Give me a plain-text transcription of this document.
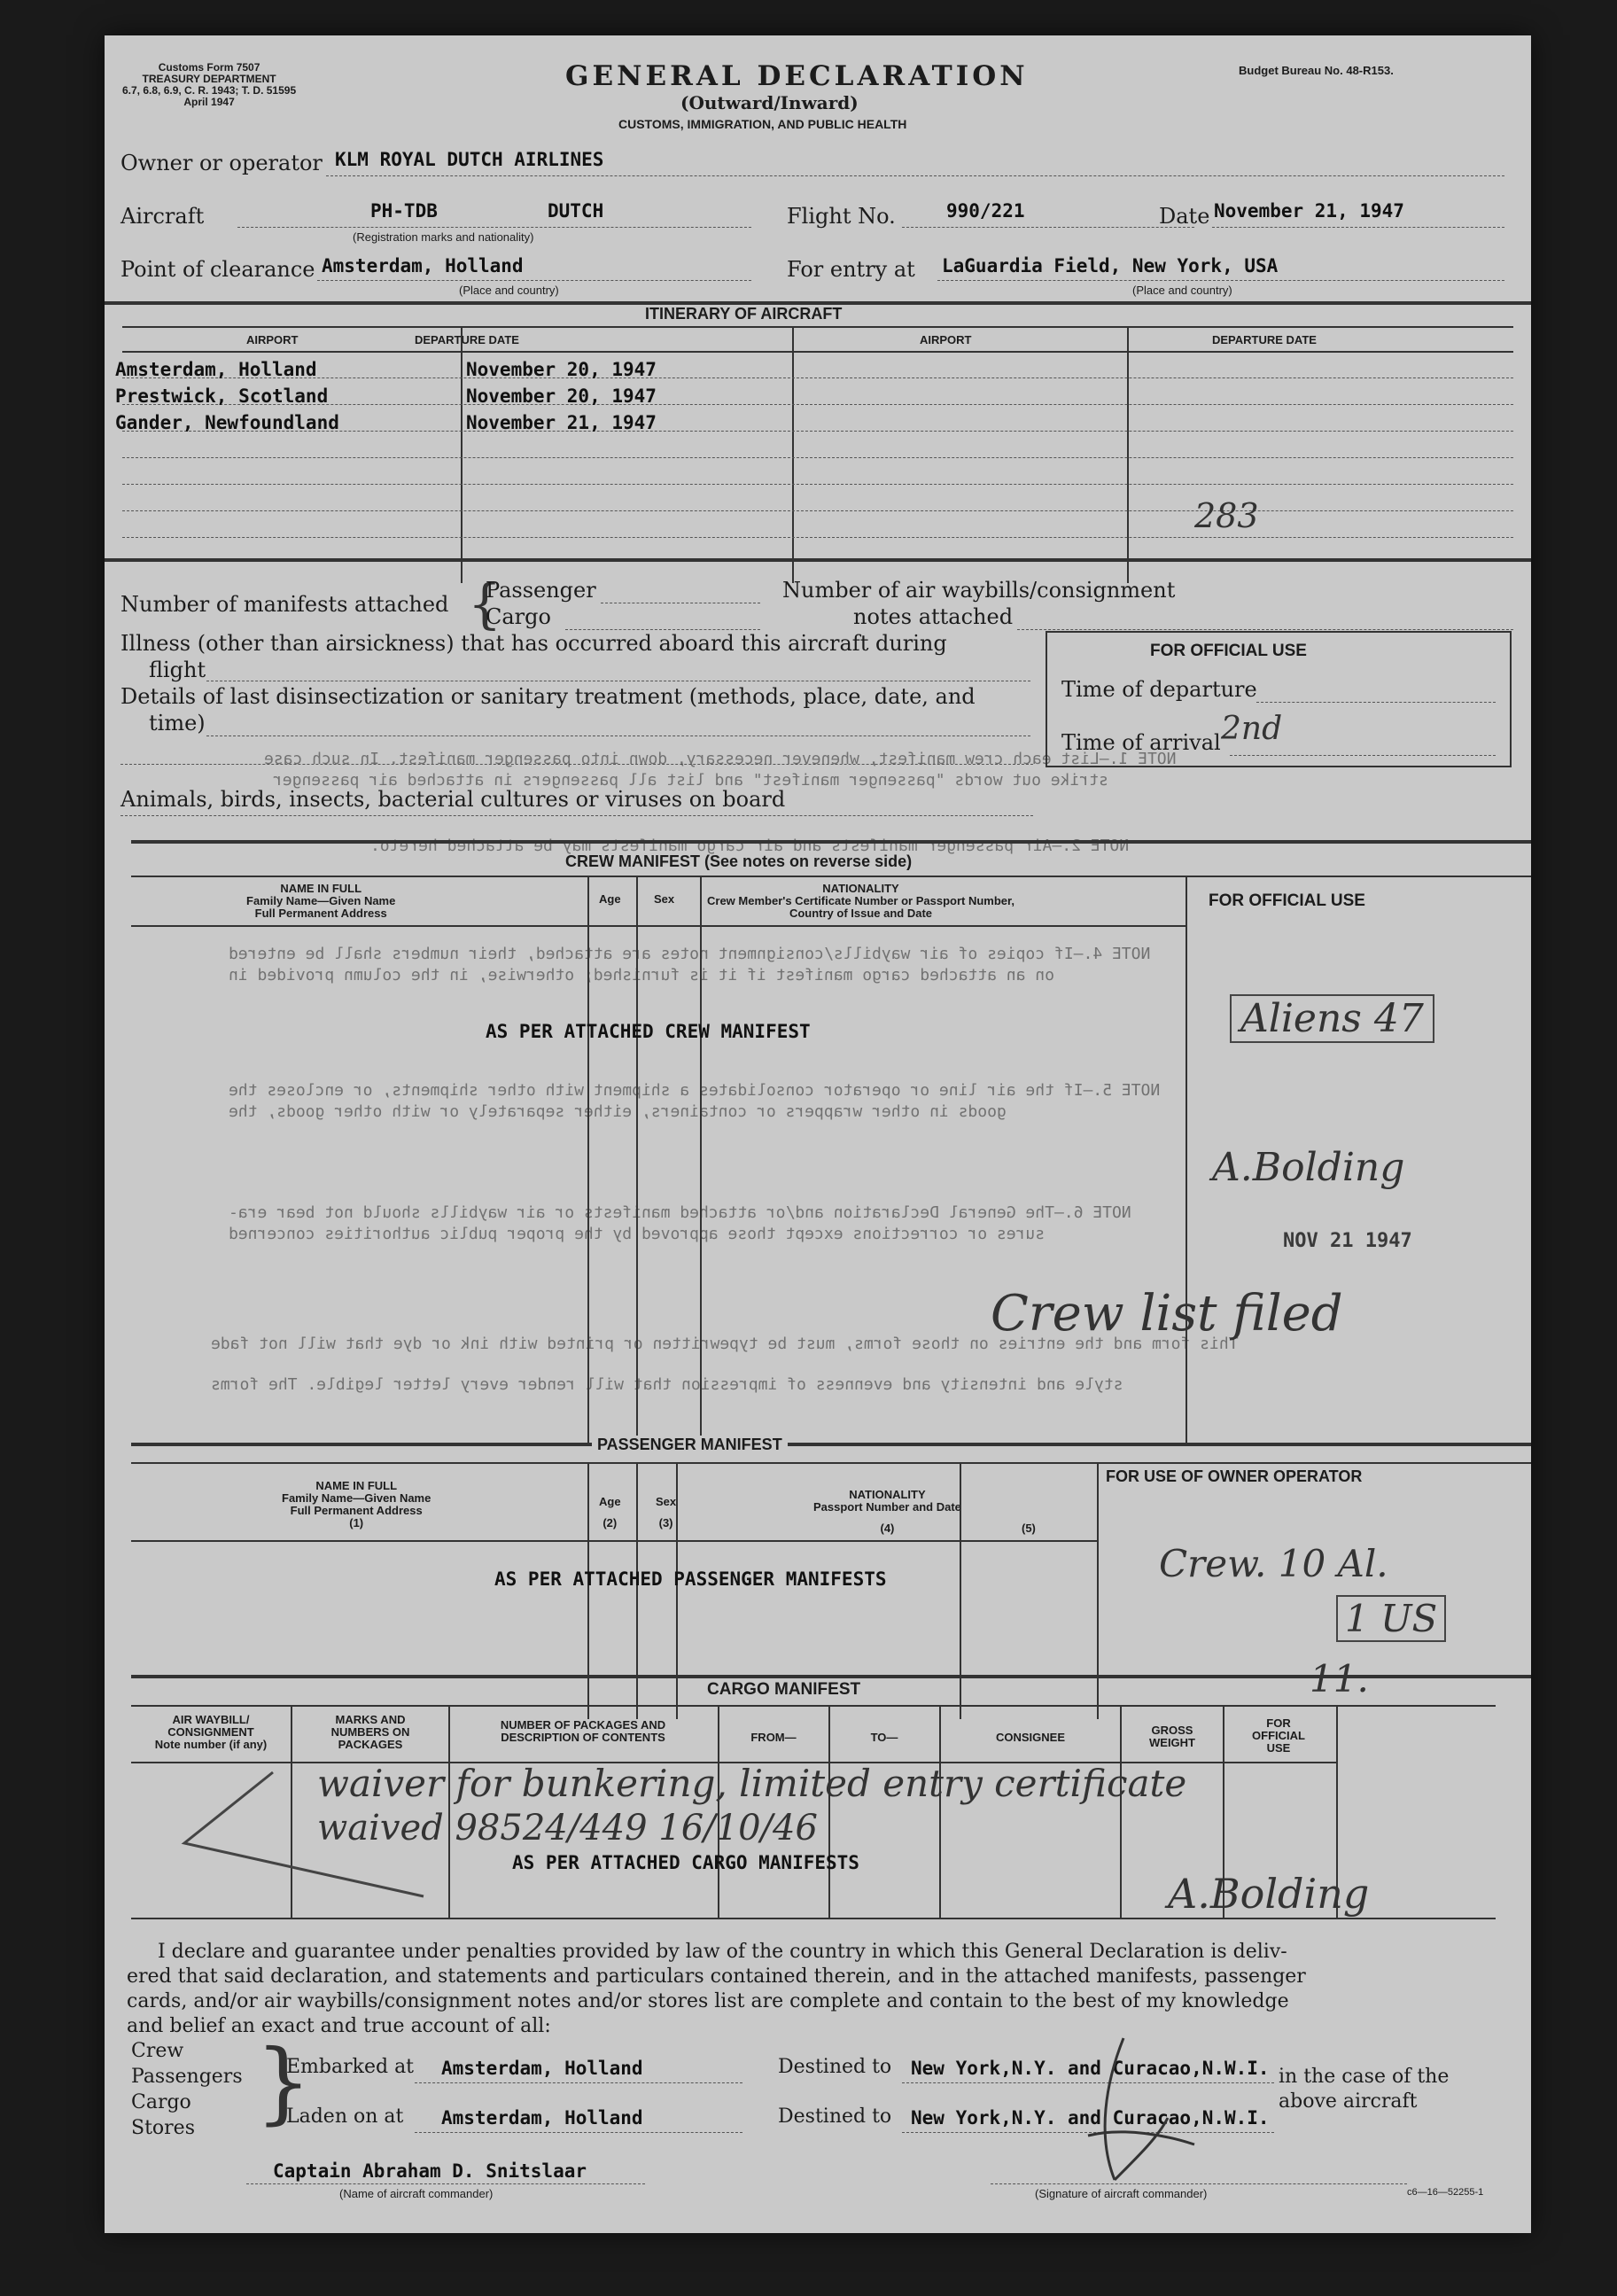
Customs Form 7507
TREASURY DEPARTMENT
6.7, 6.8, 6.9, C. R. 1943; T. D. 51595
April 1947
GENERAL DECLARATION
(Outward/Inward)
CUSTOMS, IMMIGRATION, AND PUBLIC HEALTH
Budget Bureau No. 48-R153.
Owner or operator KLM ROYAL DUTCH AIRLINES
Aircraft	PH-TDB	DUTCH
(Registration marks and nationality)
Flight No.	990/221	Date November 21, 1947
Point of clearance Amsterdam, Holland
(Place and country)
For entry at LaGuardia Field, New York, USA
(Place and country)
ITINERARY OF AIRCRAFT
AIRPORT	DEPARTURE DATE	AIRPORT	DEPARTURE DATE
Amsterdam, Holland	November 20, 1947
Prestwick, Scotland	November 20, 1947
Gander, Newfoundland	November 21, 1947
283
Number of manifests attached {
Passenger
Cargo
Number of air waybills/consignment
notes attached
Illness (other than airsickness) that has occurred aboard this aircraft during
flight
Details of last disinsectization or sanitary treatment (methods, place, date, and
time)
Animals, birds, insects, bacterial cultures or viruses on board
FOR OFFICIAL USE
Time of departure
Time of arrival 2nd
NOTE 1.—List each crew manifest, whenever necessary, down into passenger manifest. In such case
strike out words "passenger manifest" and list all passengers in attached air passenger
NOTE 2.—Air passenger manifests and air cargo manifests may be attached hereto.
NOTE 4.—If copies of air waybills/consignment notes are attached, their numbers shall be entered
on an attached cargo manifest if it is furnished; otherwise, in the column provided in
NOTE 5.—If the air line or operator consolidates a shipment with other shipments, or encloses the
goods in other wrappers or containers, either separately or with other goods, the
NOTE 6.—The General Declaration and/or attached manifests or air waybills should not bear era-
sures or corrections except those approved by the proper public authorities concerned
This form and the entries on those forms, must be typewritten or printed with ink or dye that will not fade
style and intensity and evenness of impression that will render every letter legible. The forms
CREW MANIFEST (See notes on reverse side)
NAME IN FULL
Family Name—Given Name
Full Permanent Address
Age	Sex
NATIONALITY
Crew Member's Certificate Number or Passport Number,
Country of Issue and Date
FOR OFFICIAL USE
AS PER ATTACHED CREW MANIFEST	Aliens 47
A.Bolding
NOV 21 1947
Crew list filed
PASSENGER MANIFEST
NAME IN FULL
Family Name—Given Name
Full Permanent Address
(1)
Age
(2)
Sex
(3)
NATIONALITY
Passport Number and Date
(4)	(5)
FOR USE OF OWNER OPERATOR
AS PER ATTACHED PASSENGER MANIFESTS	Crew. 10 Al.
1 US
11.
CARGO MANIFEST
AIR WAYBILL/
CONSIGNMENT
Note number (if any)
MARKS AND
NUMBERS ON
PACKAGES
NUMBER OF PACKAGES AND
DESCRIPTION OF CONTENTS	FROM—	TO—	CONSIGNEE
GROSS
WEIGHT
FOR
OFFICIAL
USE
waiver for bunkering, limited entry certificate
waived 98524/449 16/10/46
AS PER ATTACHED CARGO MANIFESTS
A.Bolding
I declare and guarantee under penalties provided by law of the country in which this General Declaration is deliv-
ered that said declaration, and statements and particulars contained therein, and in the attached manifests, passenger
cards, and/or air waybills/consignment notes and/or stores list are complete and contain to the best of my knowledge
and belief an exact and true account of all:
Crew
Passengers
Cargo
Stores }
Embarked at Amsterdam, Holland
Laden on at Amsterdam, Holland
Destined to New York,N.Y. and Curacao,N.W.I.
Destined to New York,N.Y. and Curacao,N.W.I.
in the case of the
above aircraft
Captain Abraham D. Snitslaar
(Name of aircraft commander)	(Signature of aircraft commander)	c6—16—52255-1
